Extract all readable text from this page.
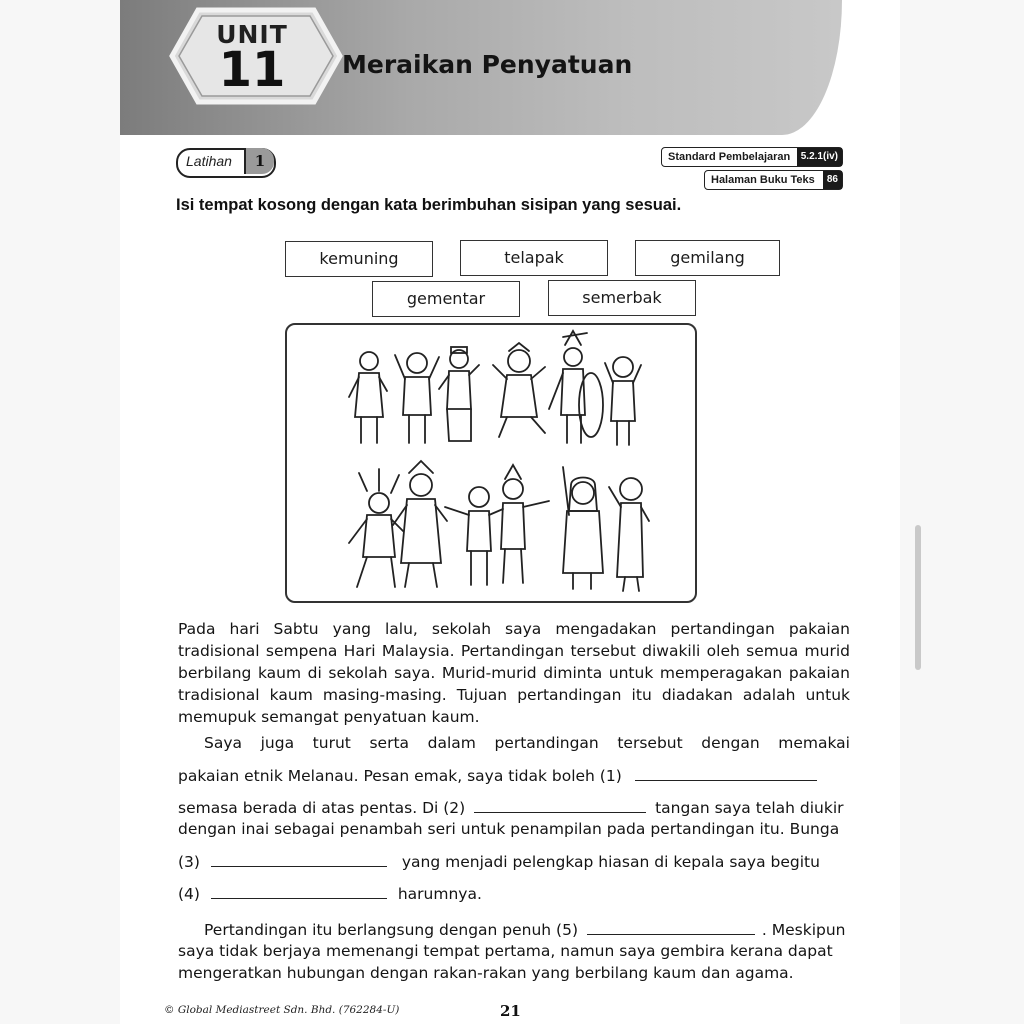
UNIT
11	Meraikan Penyatuan
Latihan	1	Standard Pembelajaran	5.2.1(iv)
Halaman Buku Teks	86
Isi tempat kosong dengan kata berimbuhan sisipan yang sesuai.
kemuning	telapak	gemilang
gementar	semerbak
Pada hari Sabtu yang lalu, sekolah saya mengadakan pertandingan pakaian tradisional sempena Hari Malaysia. Pertandingan tersebut diwakili oleh semua murid berbilang kaum di sekolah saya. Murid-murid diminta untuk memperagakan pakaian tradisional kaum masing-masing. Tujuan pertandingan itu diadakan adalah untuk memupuk semangat penyatuan kaum.
Saya juga turut serta dalam pertandingan tersebut dengan memakai
pakaian etnik Melanau. Pesan emak, saya tidak boleh (1)
semasa berada di atas pentas. Di (2)	tangan saya telah diukir
dengan inai sebagai penambah seri untuk penampilan pada pertandingan itu. Bunga
(3)	yang menjadi pelengkap hiasan di kepala saya begitu
(4)	harumnya.
Pertandingan itu berlangsung dengan penuh (5)	. Meskipun
saya tidak berjaya memenangi tempat pertama, namun saya gembira kerana dapat
mengeratkan hubungan dengan rakan-rakan yang berbilang kaum dan agama.
© Global Mediastreet Sdn. Bhd. (762284-U)	21
